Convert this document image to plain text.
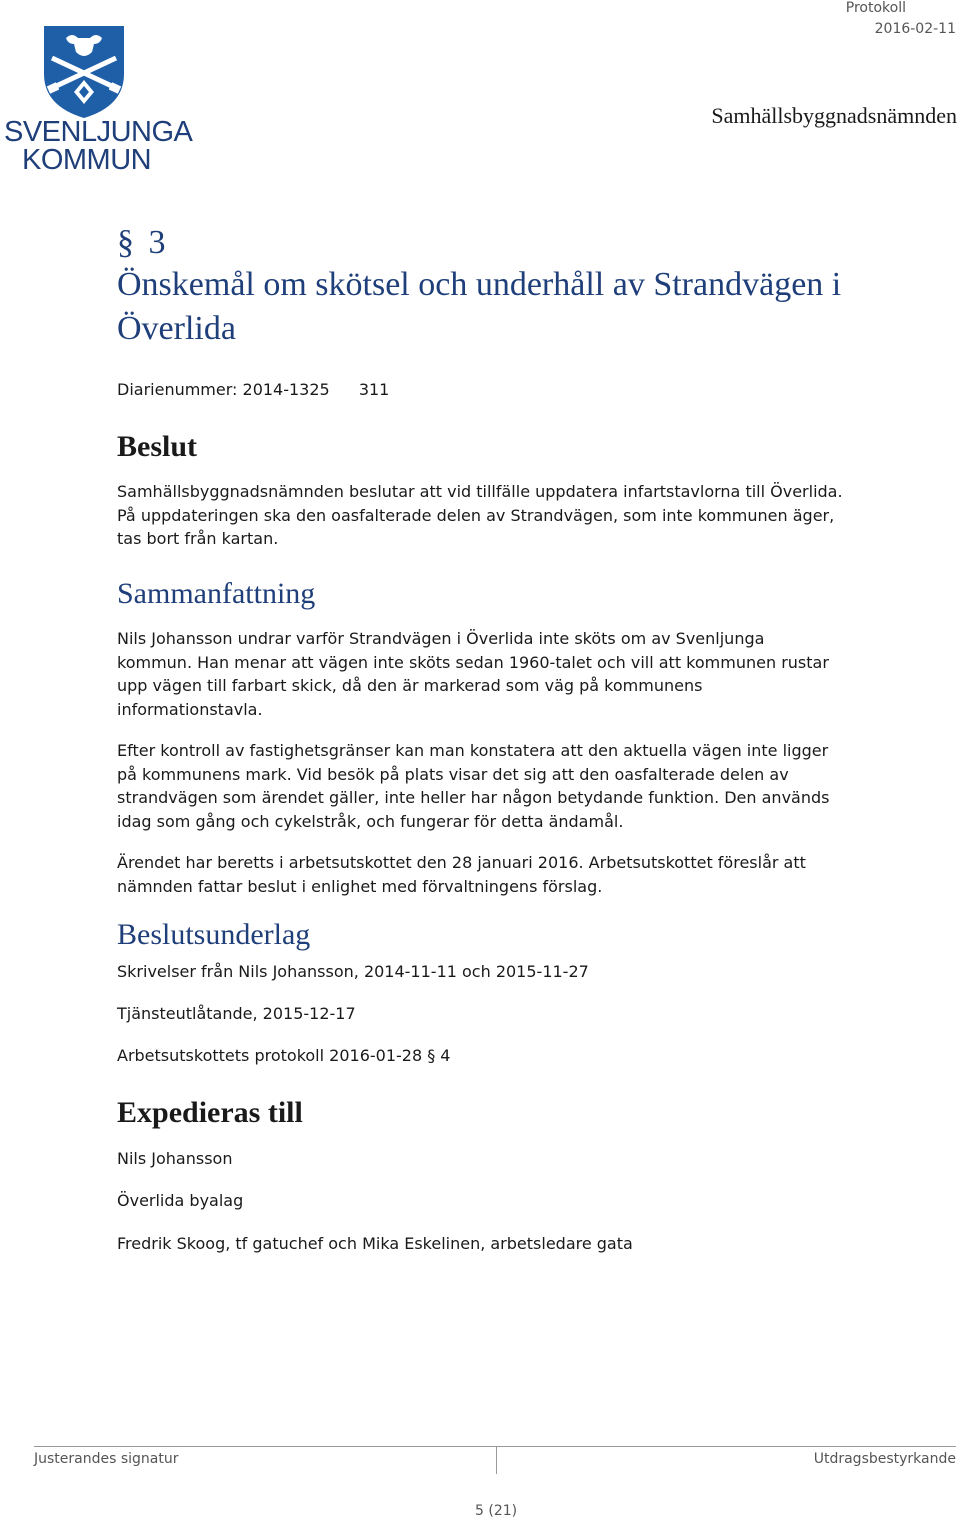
Protokoll
2016-02-11
Samhällsbyggnadsnämnden
SVENLJUNGA
KOMMUN
§ 3
Önskemål om skötsel och underhåll av Strandvägen i
Överlida
Diarienummer: 2014-1325 311
Beslut

Samhällsbyggnadsnämnden beslutar att vid tillfälle uppdatera infartstavlorna till Överlida.

På uppdateringen ska den oasfalterade delen av Strandvägen, som inte kommunen äger,

tas bort från kartan.

Sammanfattning

Nils Johansson undrar varför Strandvägen i Överlida inte sköts om av Svenljunga

kommun. Han menar att vägen inte sköts sedan 1960-talet och vill att kommunen rustar

upp vägen till farbart skick, då den är markerad som väg på kommunens

informationstavla.

Efter kontroll av fastighetsgränser kan man konstatera att den aktuella vägen inte ligger

på kommunens mark. Vid besök på plats visar det sig att den oasfalterade delen av

strandvägen som ärendet gäller, inte heller har någon betydande funktion. Den används

idag som gång och cykelstråk, och fungerar för detta ändamål.

Ärendet har beretts i arbetsutskottet den 28 januari 2016. Arbetsutskottet föreslår att

nämnden fattar beslut i enlighet med förvaltningens förslag.

Beslutsunderlag
Skrivelser från Nils Johansson, 2014-11-11 och 2015-11-27
Tjänsteutlåtande, 2015-12-17
Arbetsutskottets protokoll 2016-01-28 § 4
Expedieras till
Nils Johansson
Överlida byalag
Fredrik Skoog, tf gatuchef och Mika Eskelinen, arbetsledare gata
Justerandes signatur	Utdragsbestyrkande
5 (21)
